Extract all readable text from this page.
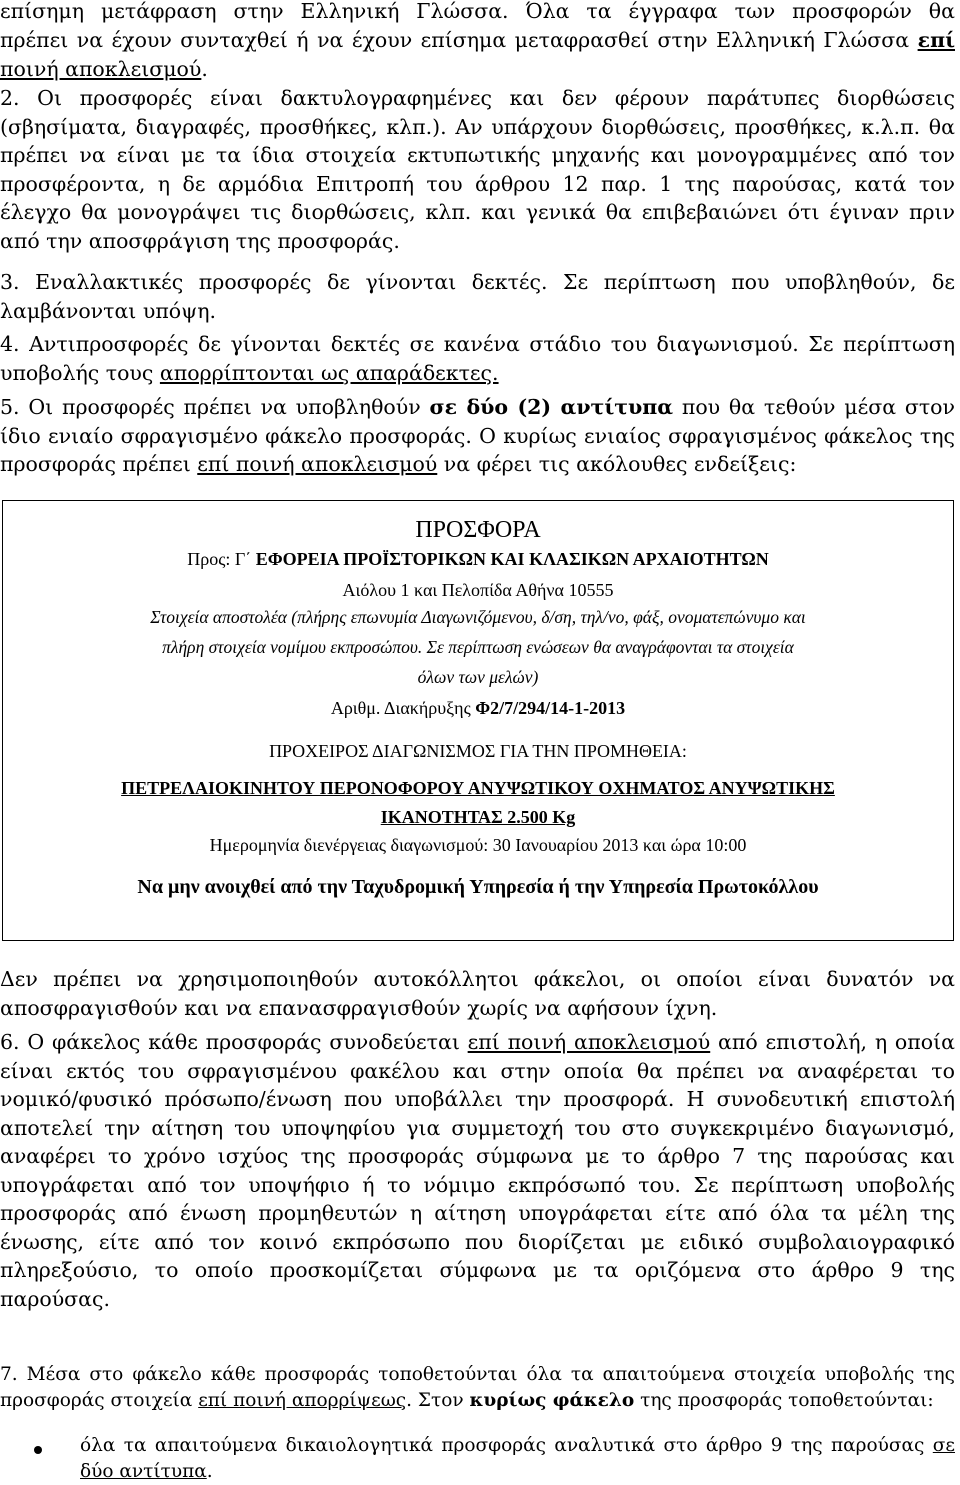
επίσημη μετάφραση στην Ελληνική Γλώσσα. Όλα τα έγγραφα των προσφορών θα

πρέπει να έχουν συνταχθεί ή να έχουν επίσημα μεταφρασθεί στην Ελληνική Γλώσσα επί

ποινή αποκλεισμού.

2. Οι προσφορές είναι δακτυλογραφημένες και δεν φέρουν παράτυπες διορθώσεις (σβησίματα, διαγραφές, προσθήκες, κλπ.). Αν υπάρχουν διορθώσεις, προσθήκες, κ.λ.π. θα πρέπει να είναι με τα ίδια στοιχεία εκτυπωτικής μηχανής και μονογραμμένες από τον προσφέροντα, η δε αρμόδια Επιτροπή του άρθρου 12 παρ. 1 της παρούσας, κατά τον έλεγχο θα μονογράψει τις διορθώσεις, κλπ. και γενικά θα επιβεβαιώνει ότι έγιναν πριν από την αποσφράγιση της προσφοράς.

3. Εναλλακτικές προσφορές δε γίνονται δεκτές. Σε περίπτωση που υποβληθούν, δε λαμβάνονται υπόψη.

4. Αντιπροσφορές δε γίνονται δεκτές σε κανένα στάδιο του διαγωνισμού. Σε περίπτωση υποβολής τους απορρίπτονται ως απαράδεκτες.

5. Οι προσφορές πρέπει να υποβληθούν σε δύο (2) αντίτυπα που θα τεθούν μέσα στον ίδιο ενιαίο σφραγισμένο φάκελο προσφοράς. Ο κυρίως ενιαίος σφραγισμένος φάκελος της προσφοράς πρέπει επί ποινή αποκλεισμού να φέρει τις ακόλουθες ενδείξεις:

ΠΡΟΣΦΟΡΑ

Προς: Γ΄ ΕΦΟΡΕΙΑ ΠΡΟΪΣΤΟΡΙΚΩΝ ΚΑΙ ΚΛΑΣΙΚΩΝ ΑΡΧΑΙΟΤΗΤΩΝ

Αιόλου 1 και Πελοπίδα Αθήνα 10555

Στοιχεία αποστολέα (πλήρης επωνυμία Διαγωνιζόμενου, δ/ση, τηλ/νο, φάξ, ονοματεπώνυμο και

πλήρη στοιχεία νομίμου εκπροσώπου. Σε περίπτωση ενώσεων θα αναγράφονται τα στοιχεία

όλων των μελών)

Αριθμ. Διακήρυξης Φ2/7/294/14-1-2013

ΠΡΟΧΕΙΡΟΣ ΔΙΑΓΩΝΙΣΜΟΣ ΓΙΑ ΤΗΝ ΠΡΟΜΗΘΕΙΑ:

ΠΕΤΡΕΛΑΙΟΚΙΝΗΤΟΥ ΠΕΡΟΝΟΦΟΡΟΥ ΑΝΥΨΩΤΙΚΟΥ ΟΧΗΜΑΤΟΣ ΑΝΥΨΩΤΙΚΗΣ

ΙΚΑΝΟΤΗΤΑΣ 2.500 Kg

Ημερομηνία διενέργειας διαγωνισμού: 30 Ιανουαρίου 2013 και ώρα 10:00

Να μην ανοιχθεί από την Ταχυδρομική Υπηρεσία ή την Υπηρεσία Πρωτοκόλλου

Δεν πρέπει να χρησιμοποιηθούν αυτοκόλλητοι φάκελοι, οι οποίοι είναι δυνατόν να αποσφραγισθούν και να επανασφραγισθούν χωρίς να αφήσουν ίχνη.

6. Ο φάκελος κάθε προσφοράς συνοδεύεται επί ποινή αποκλεισμού από επιστολή, η οποία είναι εκτός του σφραγισμένου φακέλου και στην οποία θα πρέπει να αναφέρεται το νομικό/φυσικό πρόσωπο/ένωση που υποβάλλει την προσφορά. Η συνοδευτική επιστολή αποτελεί την αίτηση του υποψηφίου για συμμετοχή του στο συγκεκριμένο διαγωνισμό, αναφέρει το χρόνο ισχύος της προσφοράς σύμφωνα με το άρθρο 7 της παρούσας και υπογράφεται από τον υποψήφιο ή το νόμιμο εκπρόσωπό του. Σε περίπτωση υποβολής προσφοράς από ένωση προμηθευτών η αίτηση υπογράφεται είτε από όλα τα μέλη της ένωσης, είτε από τον κοινό εκπρόσωπο που διορίζεται με ειδικό συμβολαιογραφικό πληρεξούσιο, το οποίο προσκομίζεται σύμφωνα με τα οριζόμενα στο άρθρο 9 της παρούσας.

7. Μέσα στο φάκελο κάθε προσφοράς τοποθετούνται όλα τα απαιτούμενα στοιχεία υποβολής της προσφοράς στοιχεία επί ποινή απορρίψεως. Στον κυρίως φάκελο της προσφοράς τοποθετούνται:

όλα τα απαιτούμενα δικαιολογητικά προσφοράς αναλυτικά στο άρθρο 9 της παρούσας σε δύο αντίτυπα.
